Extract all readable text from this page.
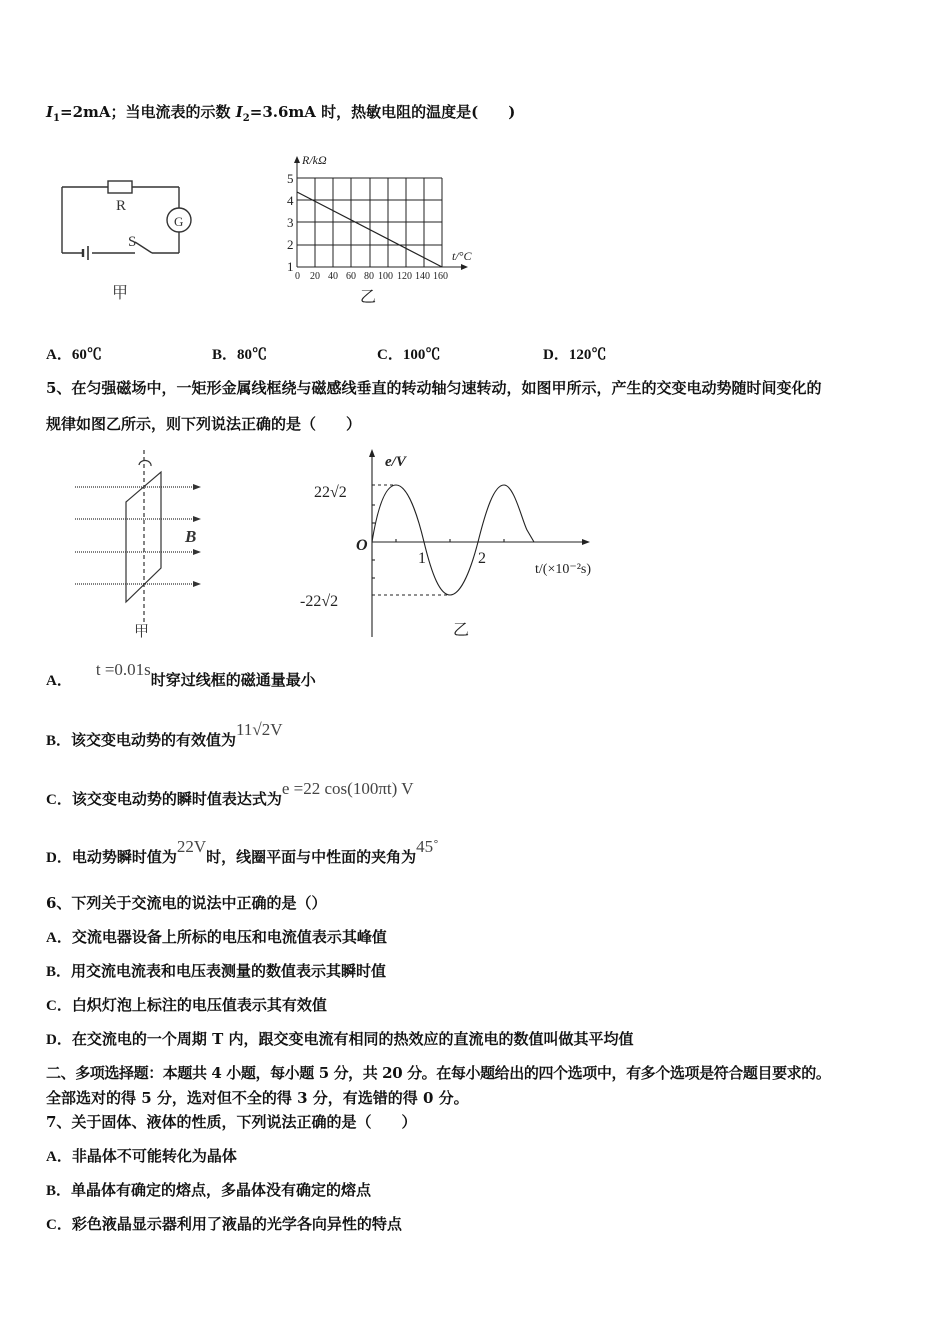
$I_1=2mA$；当电流表的示数 $I_2=3.6mA$ 时，热敏电阻的温度是(　　)
R
G
S
甲
R/kΩ
t/°C
5
4
3
2
1
0 20 40 60 80 100 120 140 160
乙
A．60℃	B．80℃	C．100℃	D．120℃
5、在匀强磁场中，一矩形金属线框绕与磁感线垂直的转动轴匀速转动，如图甲所示，产生的交变电动势随时间变化的
规律如图乙所示，则下列说法正确的是（　　）
B
甲
e/V
22√2
O
-22√2
1	2
t/(×10⁻²s)
乙
A．t =0.01s时穿过线框的磁通量最小
B．该交变电动势的有效值为11√2V
C．该交变电动势的瞬时值表达式为e =22 cos(100πt) V
D．电动势瞬时值为22V时，线圈平面与中性面的夹角为45˚
6、下列关于交流电的说法中正确的是（）
A．交流电器设备上所标的电压和电流值表示其峰值
B．用交流电流表和电压表测量的数值表示其瞬时值
C．白炽灯泡上标注的电压值表示其有效值
D．在交流电的一个周期 T 内，跟交变电流有相同的热效应的直流电的数值叫做其平均值
二、多项选择题：本题共 4 小题，每小题 5 分，共 20 分。在每小题给出的四个选项中，有多个选项是符合题目要求的。
全部选对的得 5 分，选对但不全的得 3 分，有选错的得 0 分。
7、关于固体、液体的性质，下列说法正确的是（　　）
A．非晶体不可能转化为晶体
B．单晶体有确定的熔点，多晶体没有确定的熔点
C．彩色液晶显示器利用了液晶的光学各向异性的特点
